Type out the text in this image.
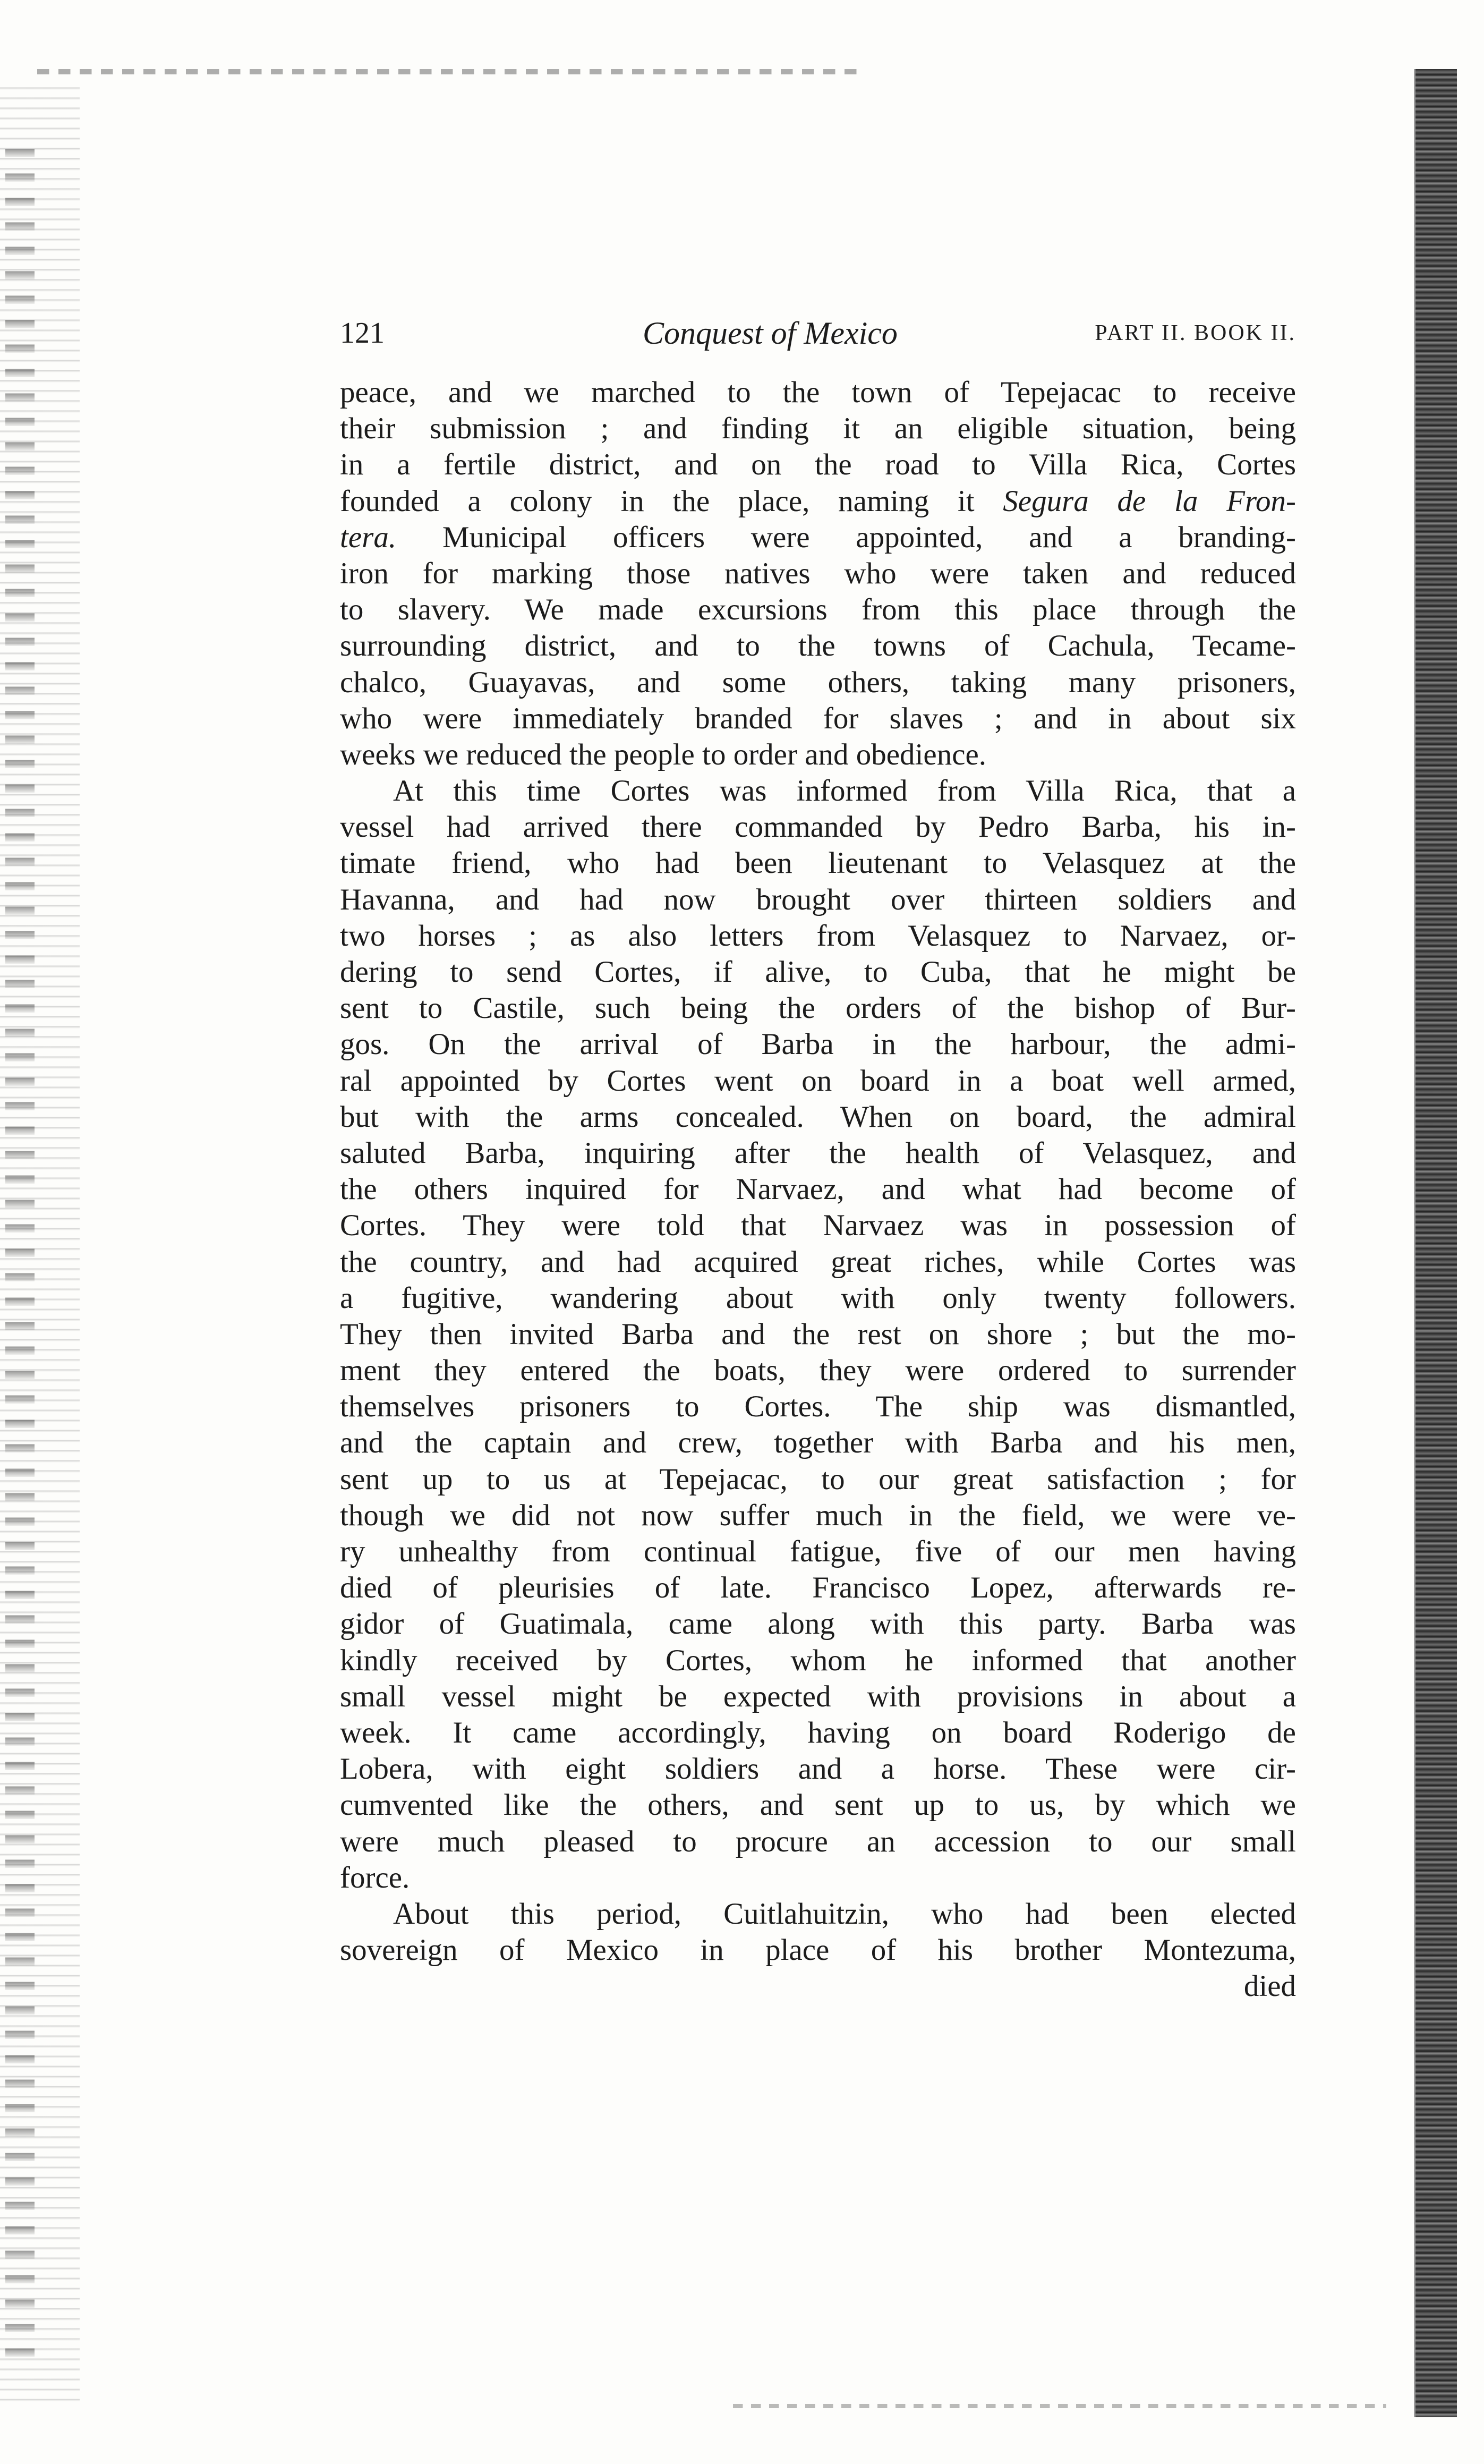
121	Conquest of Mexico	PART II. BOOK II.
peace, and we marched to the town of Tepejacac to receive
their submission ; and finding it an eligible situation, being
in a fertile district, and on the road to Villa Rica, Cortes
founded a colony in the place, naming it Segura de la Fron-
tera. Municipal officers were appointed, and a branding-
iron for marking those natives who were taken and reduced
to slavery. We made excursions from this place through the
surrounding district, and to the towns of Cachula, Tecame-
chalco, Guayavas, and some others, taking many prisoners,
who were immediately branded for slaves ; and in about six
weeks we reduced the people to order and obedience.
At this time Cortes was informed from Villa Rica, that a
vessel had arrived there commanded by Pedro Barba, his in-
timate friend, who had been lieutenant to Velasquez at the
Havanna, and had now brought over thirteen soldiers and
two horses ; as also letters from Velasquez to Narvaez, or-
dering to send Cortes, if alive, to Cuba, that he might be
sent to Castile, such being the orders of the bishop of Bur-
gos. On the arrival of Barba in the harbour, the admi-
ral appointed by Cortes went on board in a boat well armed,
but with the arms concealed. When on board, the admiral
saluted Barba, inquiring after the health of Velasquez, and
the others inquired for Narvaez, and what had become of
Cortes. They were told that Narvaez was in possession of
the country, and had acquired great riches, while Cortes was
a fugitive, wandering about with only twenty followers.
They then invited Barba and the rest on shore ; but the mo-
ment they entered the boats, they were ordered to surrender
themselves prisoners to Cortes. The ship was dismantled,
and the captain and crew, together with Barba and his men,
sent up to us at Tepejacac, to our great satisfaction ; for
though we did not now suffer much in the field, we were ve-
ry unhealthy from continual fatigue, five of our men having
died of pleurisies of late. Francisco Lopez, afterwards re-
gidor of Guatimala, came along with this party. Barba was
kindly received by Cortes, whom he informed that another
small vessel might be expected with provisions in about a
week. It came accordingly, having on board Roderigo de
Lobera, with eight soldiers and a horse. These were cir-
cumvented like the others, and sent up to us, by which we
were much pleased to procure an accession to our small
force.
About this period, Cuitlahuitzin, who had been elected
sovereign of Mexico in place of his brother Montezuma,
died
